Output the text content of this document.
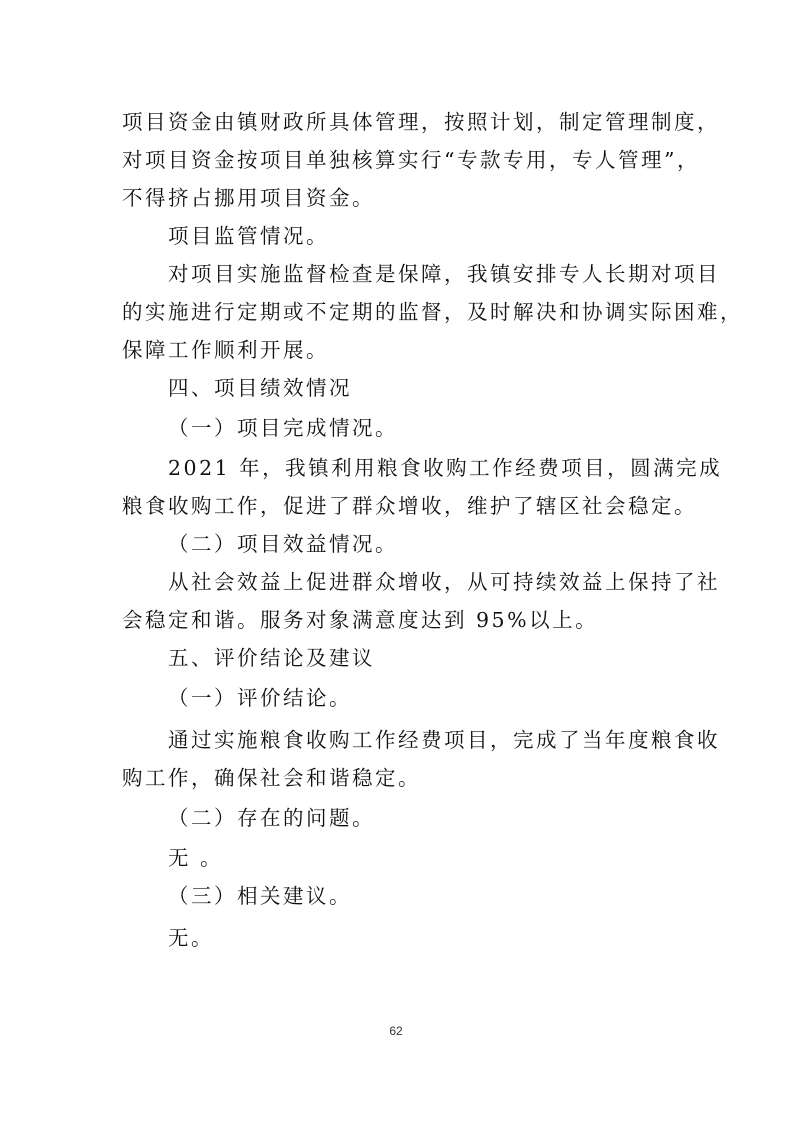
项目资金由镇财政所具体管理，按照计划，制定管理制度，
对项目资金按项目单独核算实行“专款专用，专人管理”，
不得挤占挪用项目资金。
项目监管情况。
对项目实施监督检查是保障，我镇安排专人长期对项目
的实施进行定期或不定期的监督，及时解决和协调实际困难，
保障工作顺利开展。
四、项目绩效情况
（一）项目完成情况。
2021 年，我镇利用粮食收购工作经费项目，圆满完成
粮食收购工作，促进了群众增收，维护了辖区社会稳定。
（二）项目效益情况。
从社会效益上促进群众增收，从可持续效益上保持了社
会稳定和谐。服务对象满意度达到 95%以上。
五、评价结论及建议
（一）评价结论。
通过实施粮食收购工作经费项目，完成了当年度粮食收
购工作，确保社会和谐稳定。
（二）存在的问题。
无 。
（三）相关建议。
无。
62
